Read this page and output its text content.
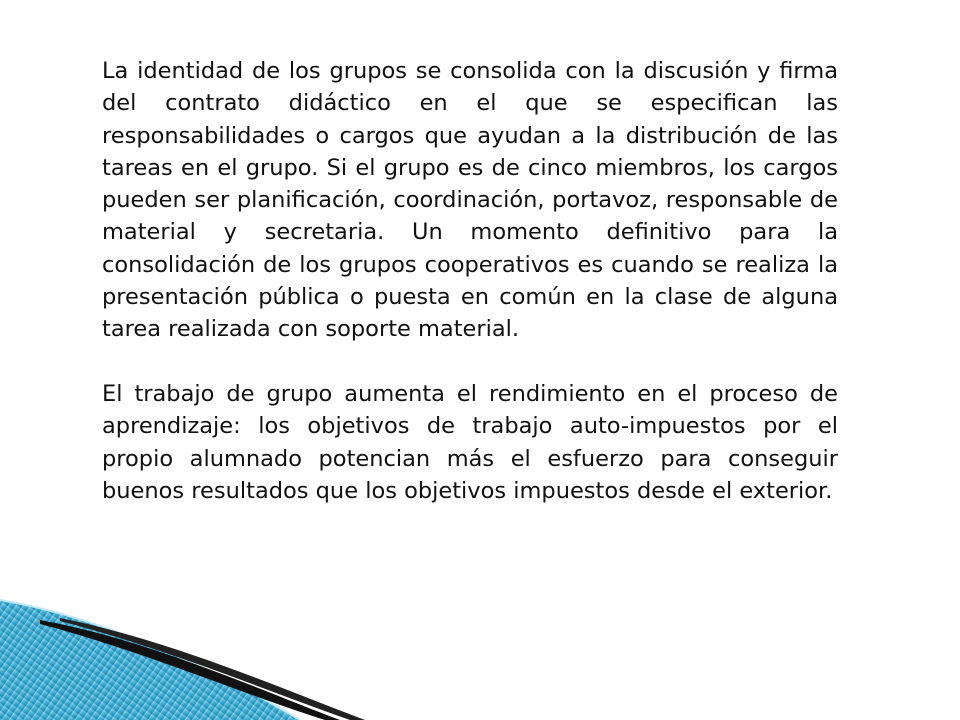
La identidad de los grupos se consolida con la discusión y firma del contrato didáctico en el que se especifican las responsabilidades o cargos que ayudan a la distribución de las tareas en el grupo. Si el grupo es de cinco miembros, los cargos pueden ser planificación, coordinación, portavoz, responsable de material y secretaria. Un momento definitivo para la consolidación de los grupos cooperativos es cuando se realiza la presentación pública o puesta en común en la clase de alguna tarea realizada con soporte material.

El trabajo de grupo aumenta el rendimiento en el proceso de aprendizaje: los objetivos de trabajo auto-impuestos por el propio alumnado potencian más el esfuerzo para conseguir buenos resultados que los objetivos impuestos desde el exterior.
